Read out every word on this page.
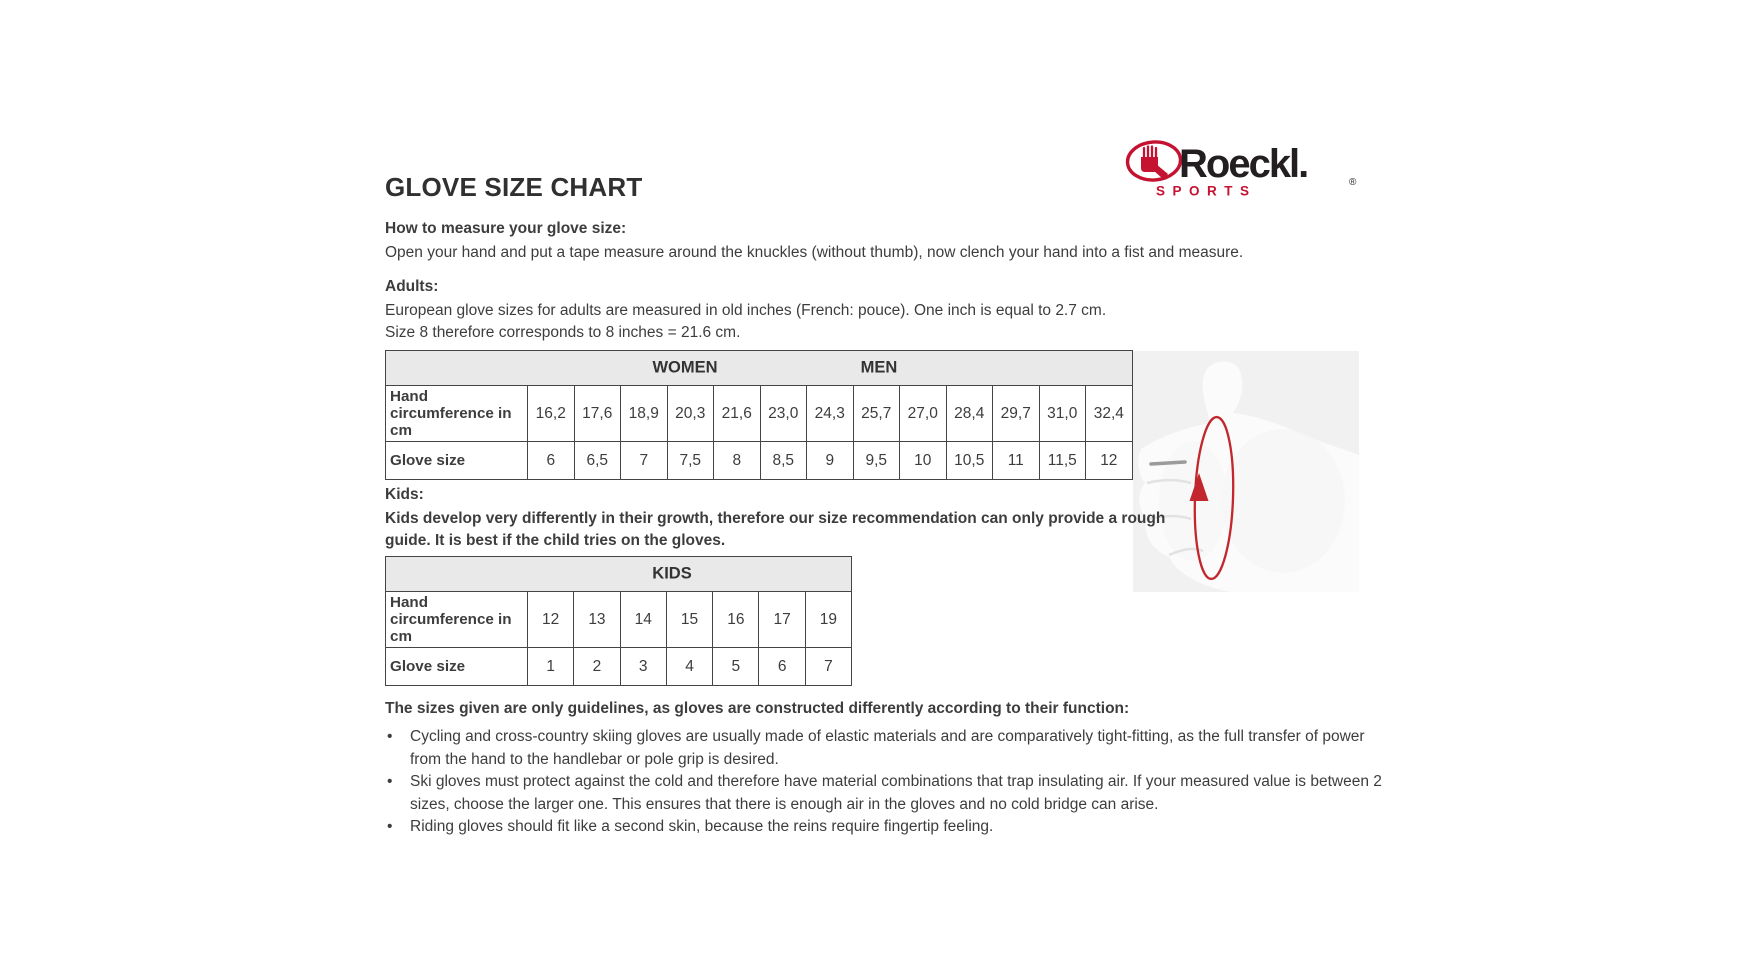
GLOVE SIZE CHART
Roeckl.	®
SPORTS
How to measure your glove size:
Open your hand and put a tape measure around the knuckles (without thumb), now clench your hand into a fist and measure.
Adults:
European glove sizes for adults are measured in old inches (French: pouce). One inch is equal to 2.7 cm.
Size 8 therefore corresponds to 8 inches = 21.6 cm.
WOMEN MEN													

Hand circumference in cm	16,2	17,6	18,9	20,3	21,6	23,0	24,3	25,7	27,0	28,4	29,7	31,0	32,4
Glove size	6	6,5	7	7,5	8	8,5	9	9,5	10	10,5	11	11,5	12
Kids:
Kids develop very differently in their growth, therefore our size recommendation can only provide a rough guide. It is best if the child tries on the gloves.
KIDS							

Hand circumference in cm	12	13	14	15	16	17	19
Glove size	1	2	3	4	5	6	7
The sizes given are only guidelines, as gloves are constructed differently according to their function:
•	Cycling and cross-country skiing gloves are usually made of elastic materials and are comparatively tight-fitting, as the full transfer of power from the hand to the handlebar or pole grip is desired.
•	Ski gloves must protect against the cold and therefore have material combinations that trap insulating air. If your measured value is between 2 sizes, choose the larger one. This ensures that there is enough air in the gloves and no cold bridge can arise.
•	Riding gloves should fit like a second skin, because the reins require fingertip feeling.
